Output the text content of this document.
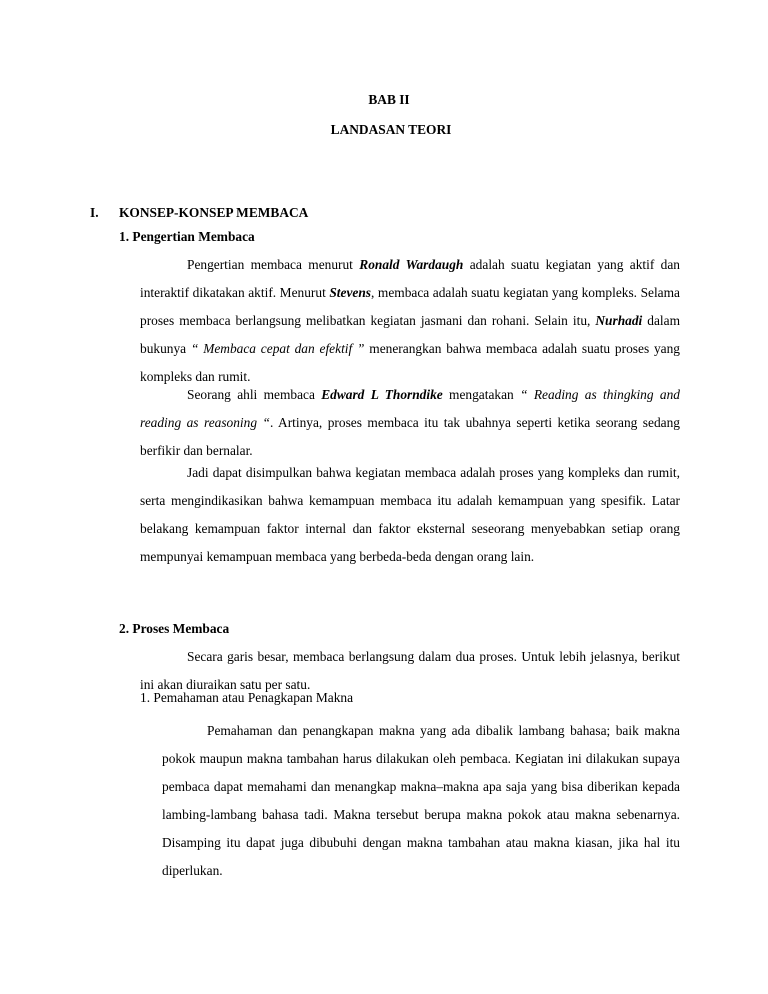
BAB II
LANDASAN TEORI
I. KONSEP-KONSEP MEMBACA
1. Pengertian Membaca

Pengertian membaca menurut Ronald Wardaugh adalah suatu kegiatan yang aktif dan interaktif dikatakan aktif. Menurut Stevens, membaca adalah suatu kegiatan yang kompleks. Selama proses membaca berlangsung melibatkan kegiatan jasmani dan rohani. Selain itu, Nurhadi dalam bukunya “ Membaca cepat dan efektif ” menerangkan bahwa membaca adalah suatu proses yang kompleks dan rumit.

Seorang ahli membaca Edward L Thorndike mengatakan “ Reading as thingking and reading as reasoning “. Artinya, proses membaca itu tak ubahnya seperti ketika seorang sedang berfikir dan bernalar.

Jadi dapat disimpulkan bahwa kegiatan membaca adalah proses yang kompleks dan rumit, serta mengindikasikan bahwa kemampuan membaca itu adalah kemampuan yang spesifik. Latar belakang kemampuan faktor internal dan faktor eksternal seseorang menyebabkan setiap orang mempunyai kemampuan membaca yang berbeda-beda dengan orang lain.

2. Proses Membaca

Secara garis besar, membaca berlangsung dalam dua proses. Untuk lebih jelasnya, berikut ini akan diuraikan satu per satu.

1. Pemahaman atau Penagkapan Makna

Pemahaman dan penangkapan makna yang ada dibalik lambang bahasa; baik makna pokok maupun makna tambahan harus dilakukan oleh pembaca. Kegiatan ini dilakukan supaya pembaca dapat memahami dan menangkap makna–makna apa saja yang bisa diberikan kepada lambing-lambang bahasa tadi. Makna tersebut berupa makna pokok atau makna sebenarnya. Disamping itu dapat juga dibubuhi dengan makna tambahan atau makna kiasan, jika hal itu diperlukan.
